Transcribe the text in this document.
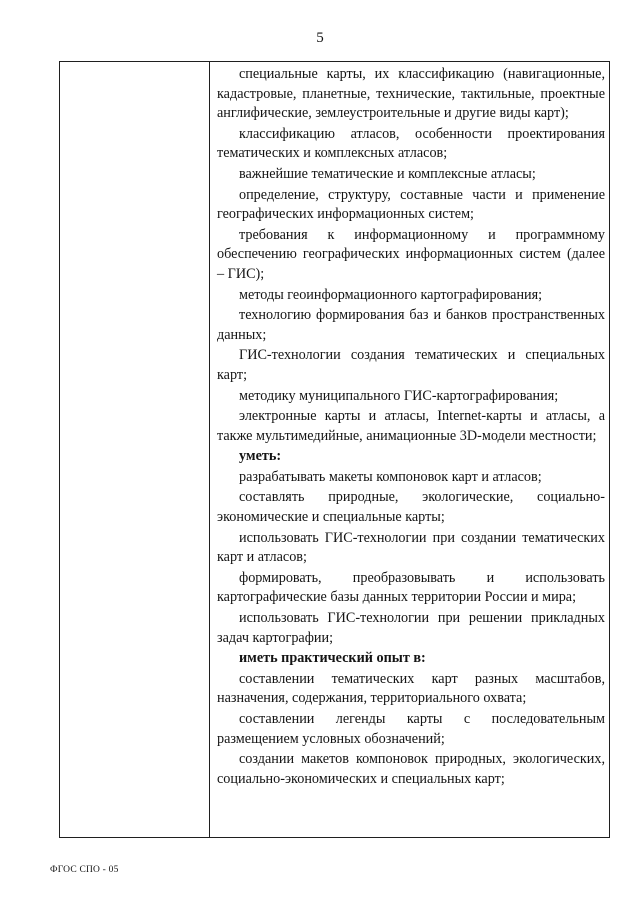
5

специальные карты, их классификацию (навигационные, кадастровые, планетные, технические, тактильные, проектные англифические, землеустроительные и другие виды карт);

классификацию атласов, особенности проектирования тематических и комплексных атласов;

важнейшие тематические и комплексные атласы;

определение, структуру, составные части и применение географических информационных систем;

требования к информационному и программному обеспечению географических информационных систем (далее – ГИС);

методы геоинформационного картографирования;

технологию формирования баз и банков пространственных данных;

ГИС-технологии создания тематических и специальных карт;

методику муниципального ГИС-картографирования;

электронные карты и атласы, Internet-карты и атласы, а также мультимедийные, анимационные 3D-модели местности;

уметь:

разрабатывать макеты компоновок карт и атласов;

составлять природные, экологические, социально-экономические и специальные карты;

использовать ГИС-технологии при создании тематических карт и атласов;

формировать, преобразовывать и использовать картографические базы данных территории России и мира;

использовать ГИС-технологии при решении прикладных задач картографии;

иметь практический опыт в:

составлении тематических карт разных масштабов, назначения, содержания, территориального охвата;

составлении легенды карты с последовательным размещением условных обозначений;

создании макетов компоновок природных, экологических, социально-экономических и специальных карт;

ФГОС СПО - 05
